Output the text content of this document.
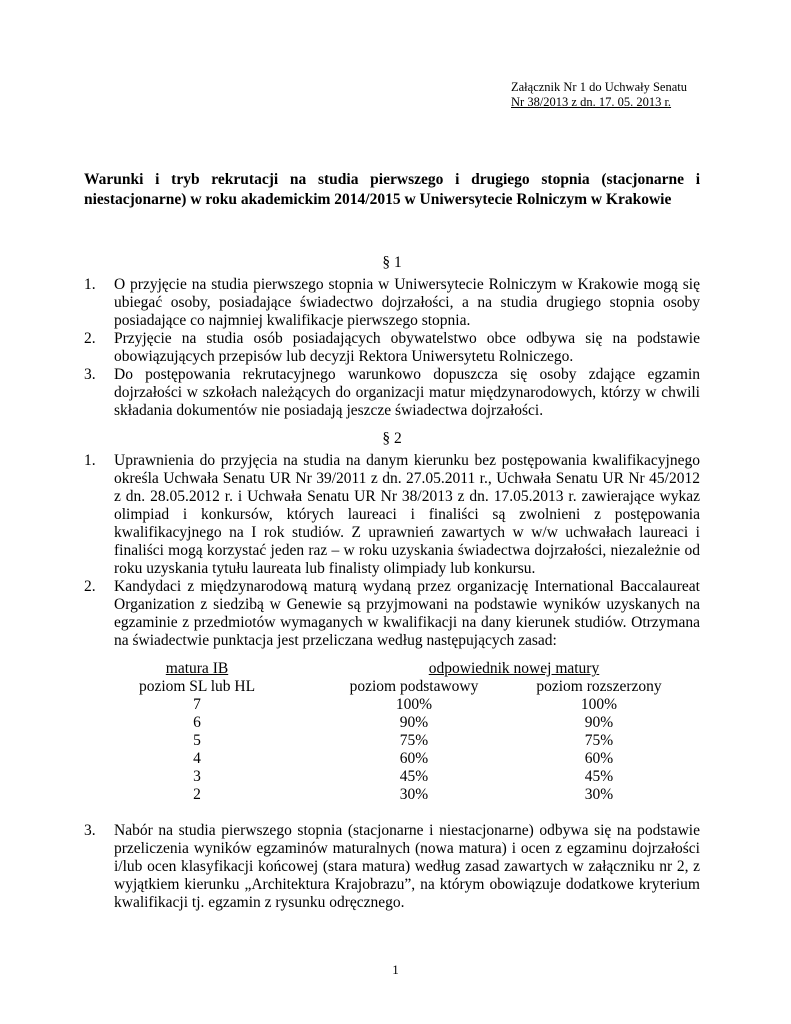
Załącznik Nr 1 do Uchwały Senatu
Nr 38/2013 z dn. 17. 05. 2013 r.
Warunki i tryb rekrutacji na studia pierwszego i drugiego stopnia (stacjonarne i niestacjonarne) w roku akademickim 2014/2015 w Uniwersytecie Rolniczym w Krakowie
§ 1
1. O przyjęcie na studia pierwszego stopnia w Uniwersytecie Rolniczym w Krakowie mogą się ubiegać osoby, posiadające świadectwo dojrzałości, a na studia drugiego stopnia osoby posiadające co najmniej kwalifikacje pierwszego stopnia.
2. Przyjęcie na studia osób posiadających obywatelstwo obce odbywa się na podstawie obowiązujących przepisów lub decyzji Rektora Uniwersytetu Rolniczego.
3. Do postępowania rekrutacyjnego warunkowo dopuszcza się osoby zdające egzamin dojrzałości w szkołach należących do organizacji matur międzynarodowych, którzy w chwili składania dokumentów nie posiadają jeszcze świadectwa dojrzałości.
§ 2
1. Uprawnienia do przyjęcia na studia na danym kierunku bez postępowania kwalifikacyjnego określa Uchwała Senatu UR Nr 39/2011 z dn. 27.05.2011 r., Uchwała Senatu UR Nr 45/2012 z dn. 28.05.2012 r. i Uchwała Senatu UR Nr 38/2013 z dn. 17.05.2013 r. zawierające wykaz olimpiad i konkursów, których laureaci i finaliści są zwolnieni z postępowania kwalifikacyjnego na I rok studiów. Z uprawnień zawartych w w/w uchwałach laureaci i finaliści mogą korzystać jeden raz – w roku uzyskania świadectwa dojrzałości, niezależnie od roku uzyskania tytułu laureata lub finalisty olimpiady lub konkursu.
2. Kandydaci z międzynarodową maturą wydaną przez organizację International Baccalaureat Organization z siedzibą w Genewie są przyjmowani na podstawie wyników uzyskanych na egzaminie z przedmiotów wymaganych w kwalifikacji na dany kierunek studiów. Otrzymana na świadectwie punktacja jest przeliczana według następujących zasad:
matura IB	odpowiednik nowej matury
poziom SL lub HL	poziom podstawowy	poziom rozszerzony
7	100%	100%
6	90%	90%
5	75%	75%
4	60%	60%
3	45%	45%
2	30%	30%
3. Nabór na studia pierwszego stopnia (stacjonarne i niestacjonarne) odbywa się na podstawie przeliczenia wyników egzaminów maturalnych (nowa matura) i ocen z egzaminu dojrzałości i/lub ocen klasyfikacji końcowej (stara matura) według zasad zawartych w załączniku nr 2, z wyjątkiem kierunku „Architektura Krajobrazu”, na którym obowiązuje dodatkowe kryterium kwalifikacji tj. egzamin z rysunku odręcznego.
1
